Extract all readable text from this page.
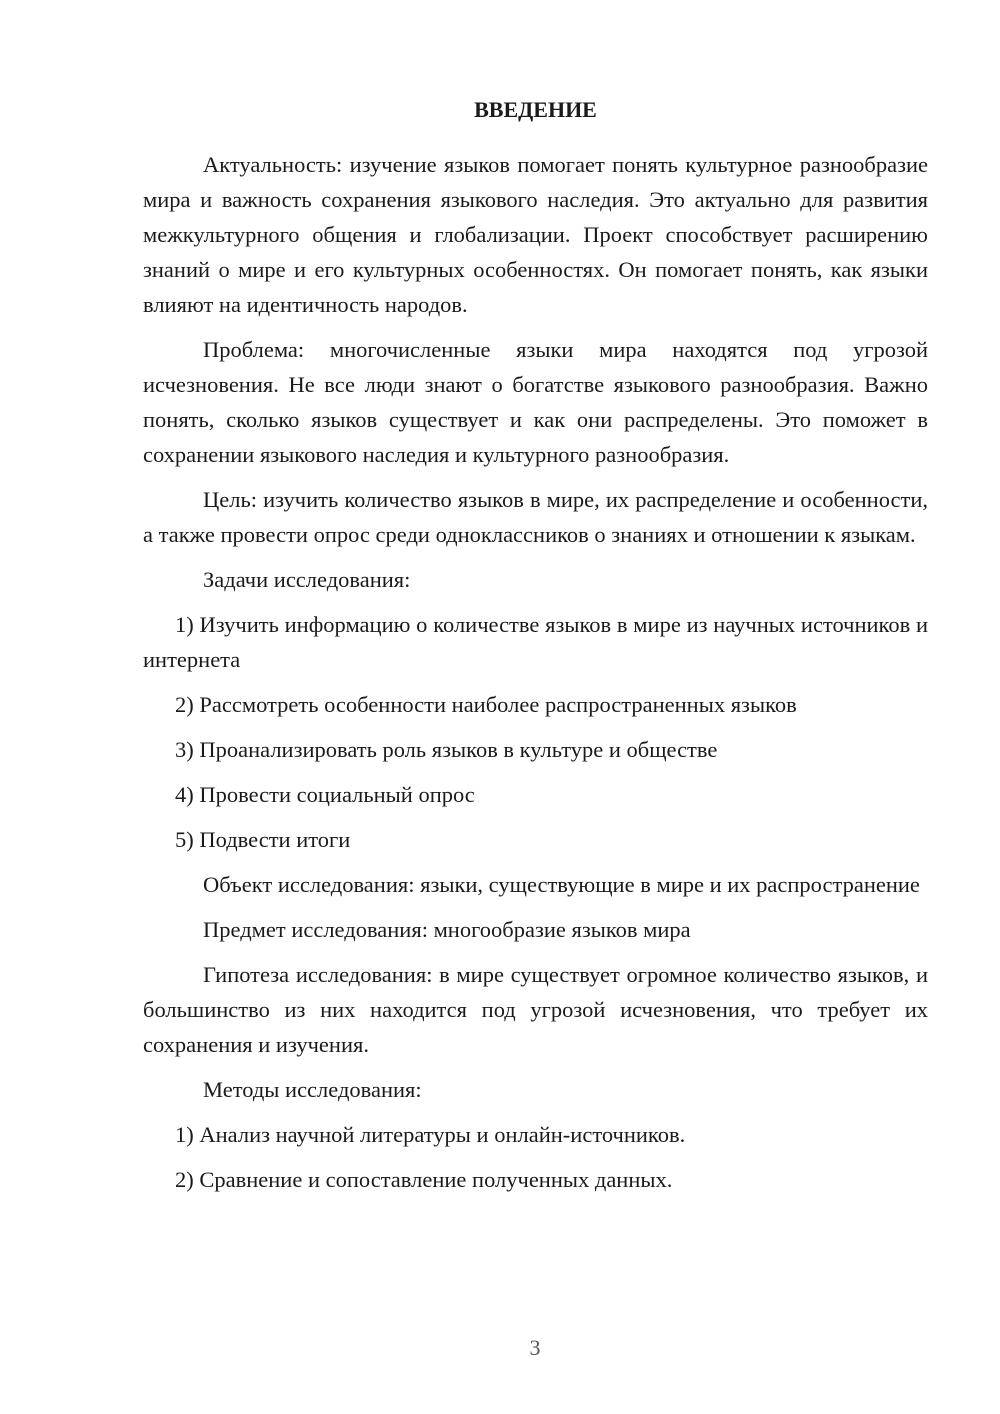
ВВЕДЕНИЕ

Актуальность: изучение языков помогает понять культурное разнообразие мира и важность сохранения языкового наследия. Это актуально для развития межкультурного общения и глобализации. Проект способствует расширению знаний о мире и его культурных особенностях. Он помогает понять, как языки влияют на идентичность народов.

Проблема: многочисленные языки мира находятся под угрозой исчезновения. Не все люди знают о богатстве языкового разнообразия. Важно понять, сколько языков существует и как они распределены. Это поможет в сохранении языкового наследия и культурного разнообразия.

Цель: изучить количество языков в мире, их распределение и особенности, а также провести опрос среди одноклассников о знаниях и отношении к языкам.

Задачи исследования:

1) Изучить информацию о количестве языков в мире из научных источников и интернета

2) Рассмотреть особенности наиболее распространенных языков

3) Проанализировать роль языков в культуре и обществе

4) Провести социальный опрос

5) Подвести итоги

Объект исследования: языки, существующие в мире и их распространение

Предмет исследования: многообразие языков мира

Гипотеза исследования: в мире существует огромное количество языков, и большинство из них находится под угрозой исчезновения, что требует их сохранения и изучения.

Методы исследования:

1) Анализ научной литературы и онлайн-источников.

2) Сравнение и сопоставление полученных данных.

3
